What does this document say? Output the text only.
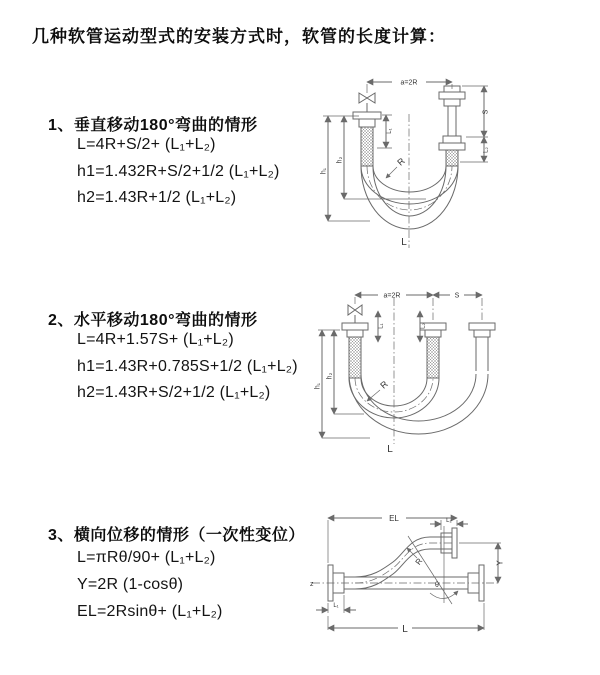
几种软管运动型式的安装方式时，软管的长度计算：
1、垂直移动180°弯曲的情形
L=4R+S/2+ (L₁+L₂)
h1=1.432R+S/2+1/2 (L₁+L₂)
h2=1.43R+1/2 (L₁+L₂)
2、水平移动180°弯曲的情形
L=4R+1.57S+ (L₁+L₂)
h1=1.43R+0.785S+1/2 (L₁+L₂)
h2=1.43R+S/2+1/2 (L₁+L₂)
3、横向位移的情形（一次性变位）
L=πRθ/90+ (L₁+L₂)
Y=2R (1-cosθ)
EL=2Rsinθ+ (L₁+L₂)
a=2R
h₁
h₂
L₁
S
L₂
R
L
a=2R	S
h₁
h₂
L₁	L₂
R
L
z
EL	L₂
Y
θ
R
L₁
L
